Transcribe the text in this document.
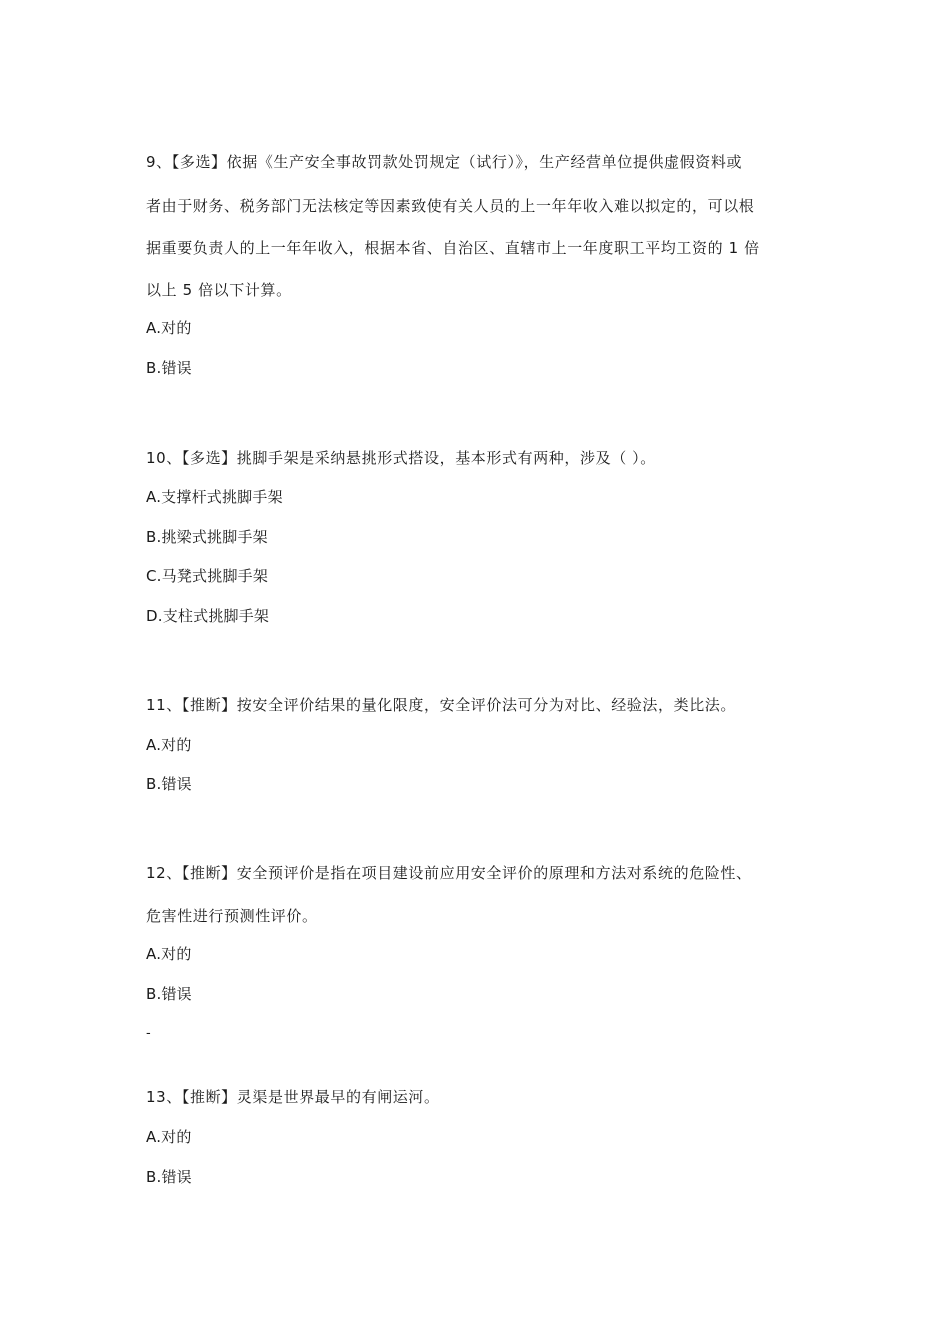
9、【多选】依据《生产安全事故罚款处罚规定（试行）》，生产经营单位提供虚假资料或
者由于财务、税务部门无法核定等因素致使有关人员的上一年年收入难以拟定的，可以根
据重要负责人的上一年年收入，根据本省、自治区、直辖市上一年度职工平均工资的 1 倍
以上 5 倍以下计算。
A.对的
B.错误
10、【多选】挑脚手架是采纳悬挑形式搭设，基本形式有两种，涉及（ ）。
A.支撑杆式挑脚手架
B.挑梁式挑脚手架
C.马凳式挑脚手架
D.支柱式挑脚手架
11、【推断】按安全评价结果的量化限度，安全评价法可分为对比、经验法，类比法。
A.对的
B.错误
12、【推断】安全预评价是指在项目建设前应用安全评价的原理和方法对系统的危险性、
危害性进行预测性评价。
A.对的
B.错误
-
13、【推断】灵渠是世界最早的有闸运河。
A.对的
B.错误
